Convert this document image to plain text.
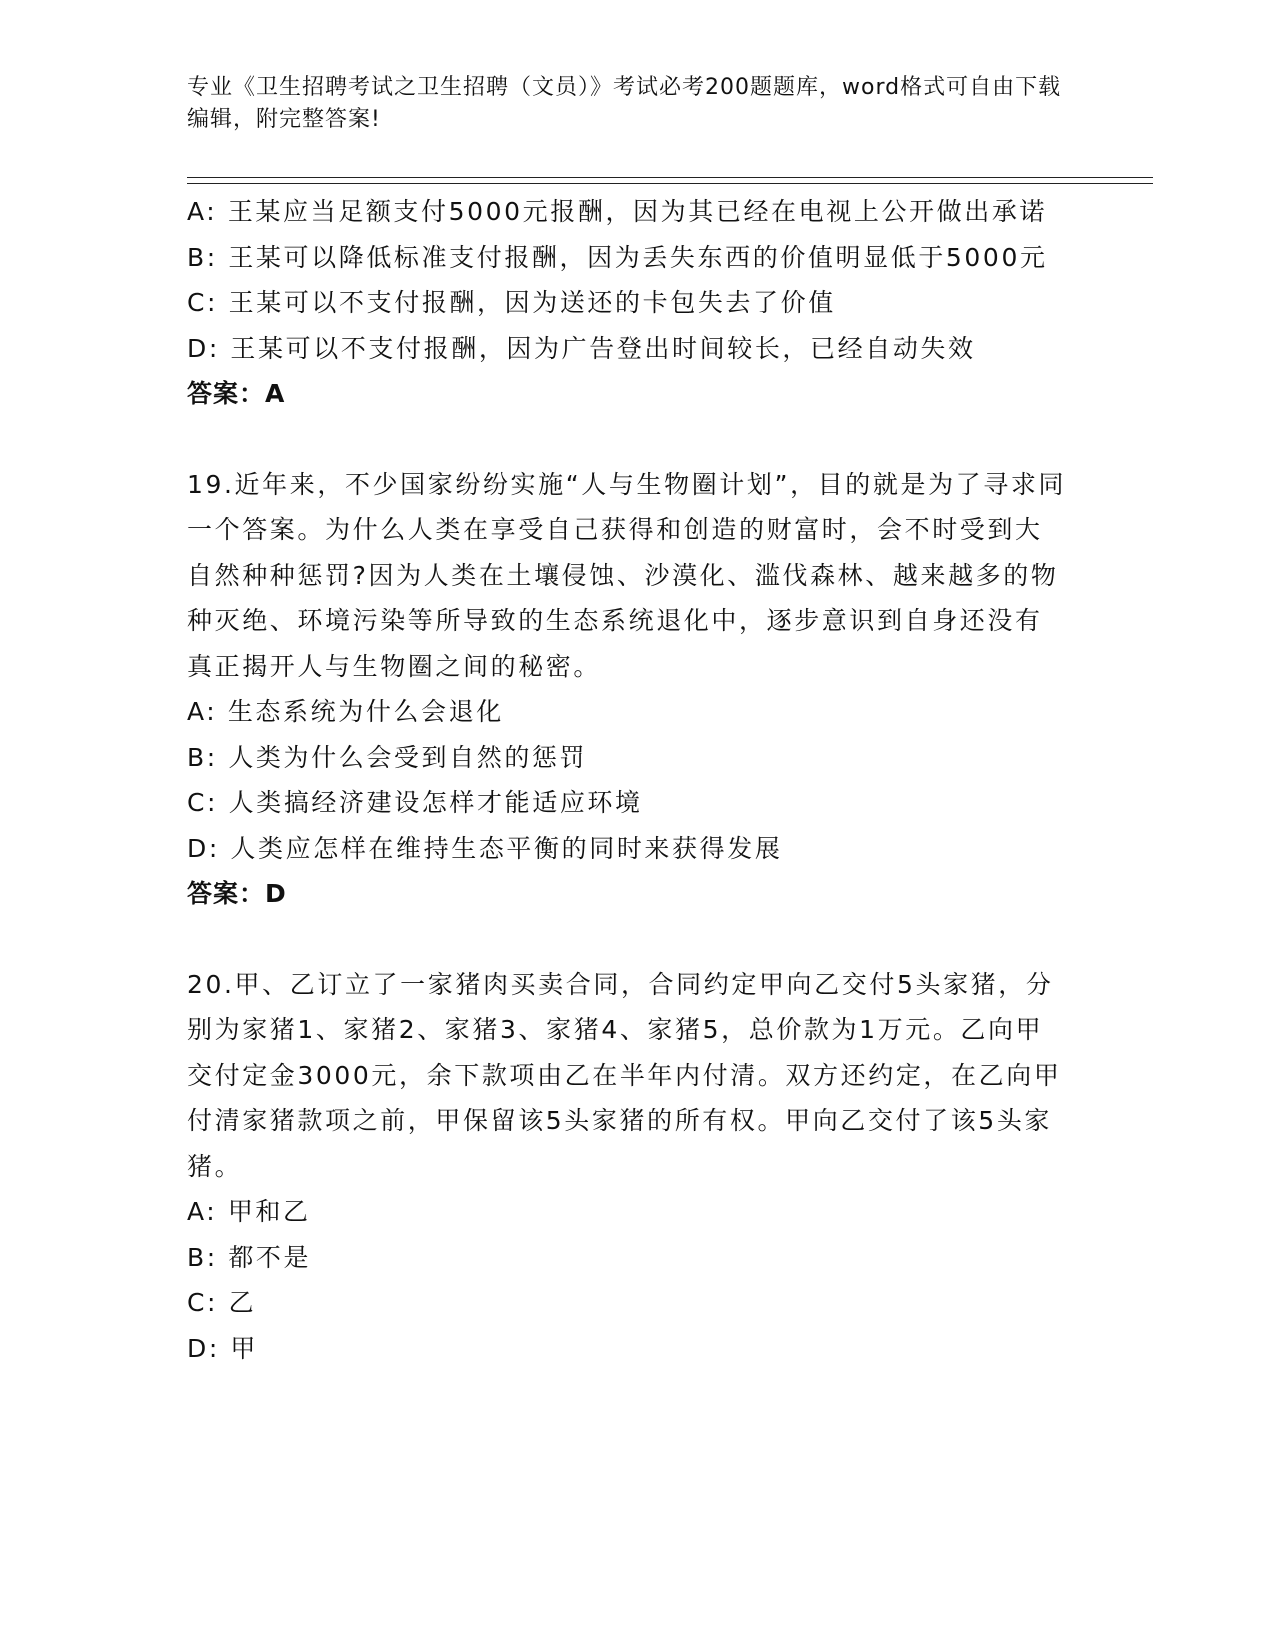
专业《卫生招聘考试之卫生招聘（文员）》考试必考200题题库，word格式可自由下载编辑，附完整答案!

A: 王某应当足额支付5000元报酬，因为其已经在电视上公开做出承诺

B: 王某可以降低标准支付报酬，因为丢失东西的价值明显低于5000元

C: 王某可以不支付报酬，因为送还的卡包失去了价值

D: 王某可以不支付报酬，因为广告登出时间较长，已经自动失效

答案：A

19.近年来，不少国家纷纷实施“人与生物圈计划”，目的就是为了寻求同一个答案。为什么人类在享受自己获得和创造的财富时，会不时受到大自然种种惩罚?因为人类在土壤侵蚀、沙漠化、滥伐森林、越来越多的物种灭绝、环境污染等所导致的生态系统退化中，逐步意识到自身还没有真正揭开人与生物圈之间的秘密。

A: 生态系统为什么会退化

B: 人类为什么会受到自然的惩罚

C: 人类搞经济建设怎样才能适应环境

D: 人类应怎样在维持生态平衡的同时来获得发展

答案：D

20.甲、乙订立了一家猪肉买卖合同，合同约定甲向乙交付5头家猪，分别为家猪1、家猪2、家猪3、家猪4、家猪5，总价款为1万元。乙向甲交付定金3000元，余下款项由乙在半年内付清。双方还约定，在乙向甲付清家猪款项之前，甲保留该5头家猪的所有权。甲向乙交付了该5头家猪。

A: 甲和乙

B: 都不是

C: 乙

D: 甲
